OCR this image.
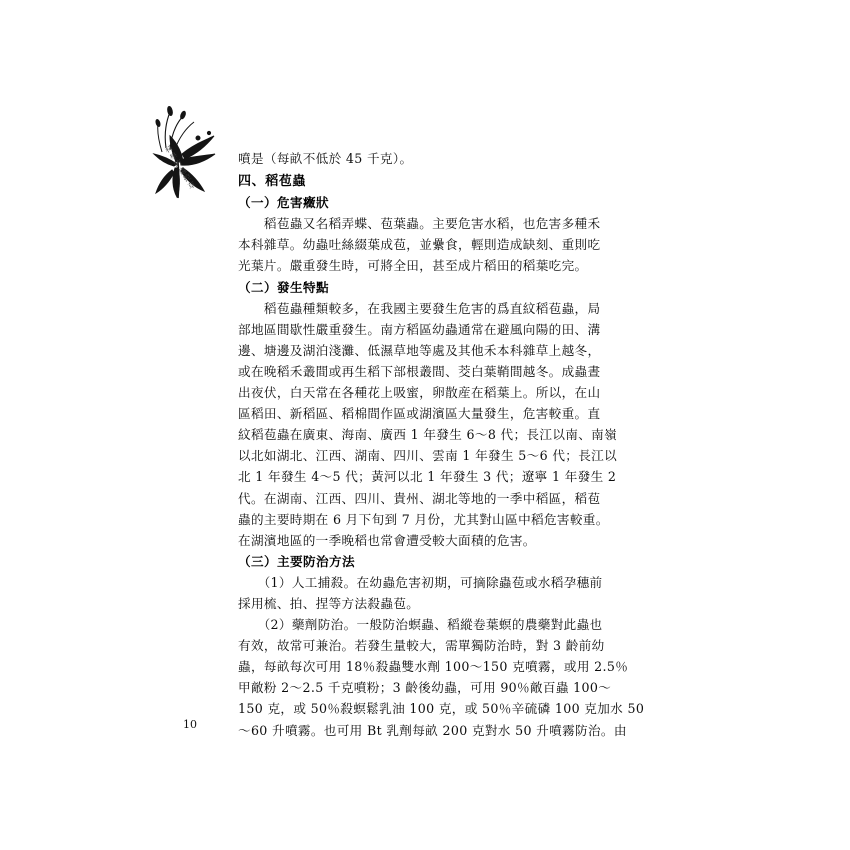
科學防蟲控草
噴是（每畝不低於 45 千克）。
四、稻苞蟲
（一）危害癥狀
　　稻苞蟲又名稻弄蝶、苞葉蟲。主要危害水稻，也危害多種禾
本科雜草。幼蟲吐絲綴葉成苞，並纍食，輕則造成缺刻、重則吃
光葉片。嚴重發生時，可將全田，甚至成片稻田的稻葉吃完。
（二）發生特點
　　稻苞蟲種類較多，在我國主要發生危害的爲直紋稻苞蟲，局
部地區間歇性嚴重發生。南方稻區幼蟲通常在避風向陽的田、溝
邊、塘邊及湖泊淺灘、低濕草地等處及其他禾本科雜草上越冬，
或在晚稻禾叢間或再生稻下部根叢間、茭白葉鞘間越冬。成蟲晝
出夜伏，白天常在各種花上吸蜜，卵散産在稻葉上。所以，在山
區稻田、新稻區、稻棉間作區或湖濱區大量發生，危害較重。直
紋稻苞蟲在廣東、海南、廣西 1 年發生 6～8 代；長江以南、南嶺
以北如湖北、江西、湖南、四川、雲南 1 年發生 5～6 代；長江以
北 1 年發生 4～5 代；黃河以北 1 年發生 3 代；遼寧 1 年發生 2
代。在湖南、江西、四川、貴州、湖北等地的一季中稻區，稻苞
蟲的主要時期在 6 月下旬到 7 月份，尤其對山區中稻危害較重。
在湖濱地區的一季晚稻也常會遭受較大面積的危害。
（三）主要防治方法
　　（1）人工捕殺。在幼蟲危害初期，可摘除蟲苞或水稻孕穗前
採用梳、拍、捏等方法殺蟲苞。
　　（2）藥劑防治。一般防治螟蟲、稻縱卷葉螟的農藥對此蟲也
有效，故常可兼治。若發生量較大，需單獨防治時，對 3 齡前幼
蟲，每畝每次可用 18％殺蟲雙水劑 100～150 克噴霧，或用 2.5％
甲敵粉 2～2.5 千克噴粉；3 齡後幼蟲，可用 90％敵百蟲 100～
150 克，或 50％殺螟鬆乳油 100 克，或 50％辛硫磷 100 克加水 50
～60 升噴霧。也可用 Bt 乳劑每畝 200 克對水 50 升噴霧防治。由
10
